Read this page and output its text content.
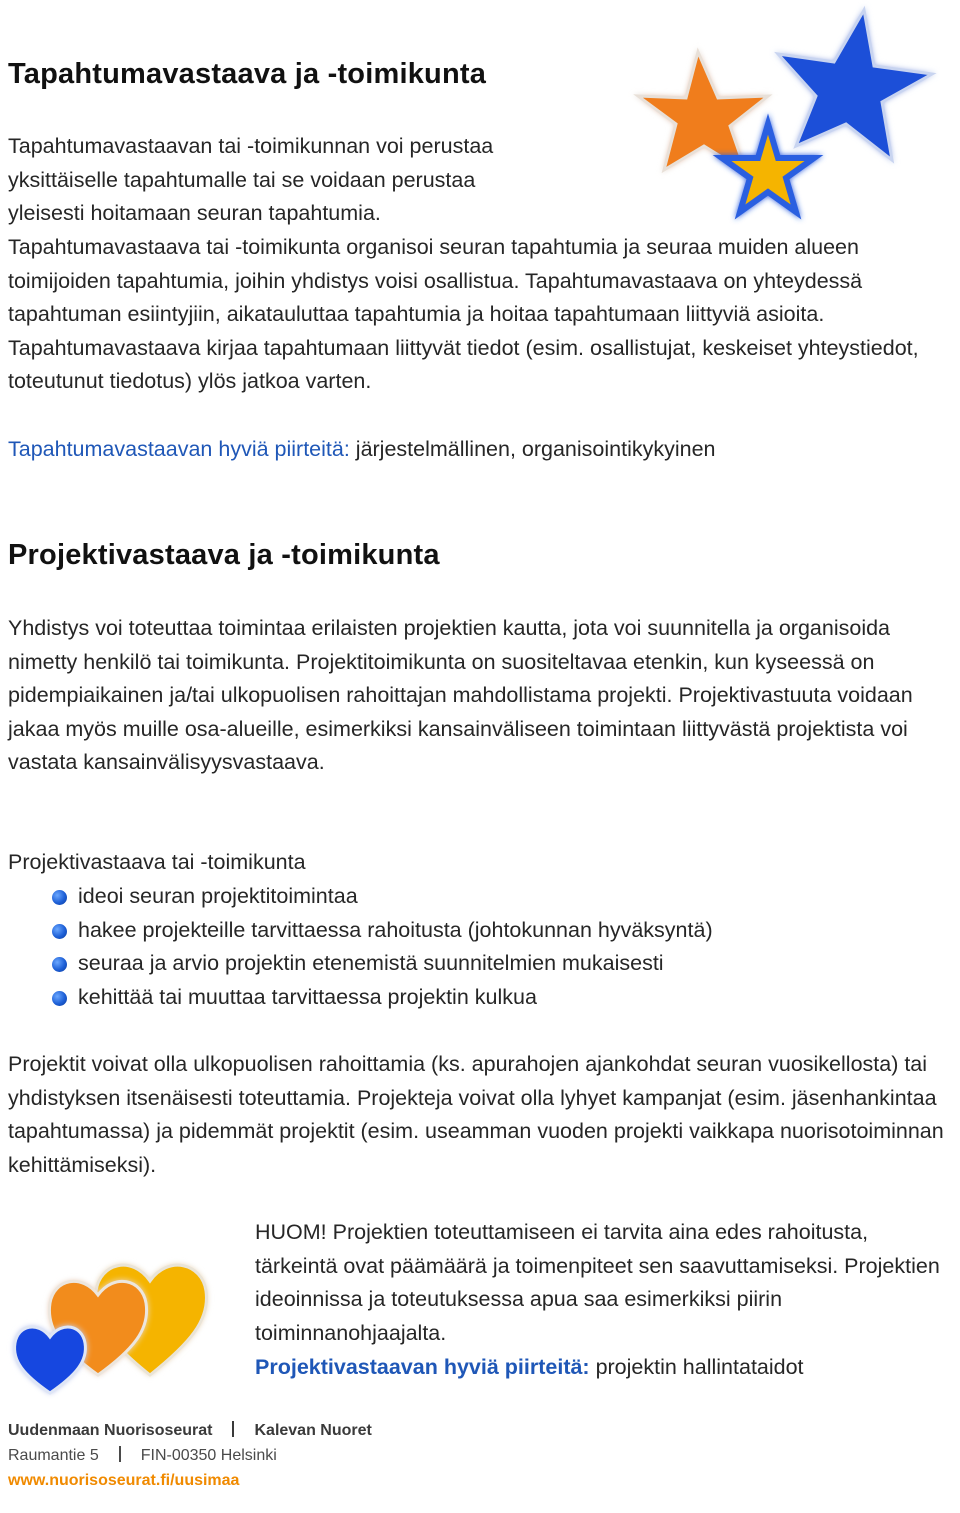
Tapahtumavastaava ja -toimikunta

Tapahtumavastaavan tai -toimikunnan voi perustaa

yksittäiselle tapahtumalle tai se voidaan perustaa

yleisesti hoitamaan seuran tapahtumia.

Tapahtumavastaava tai -toimikunta organisoi seuran tapahtumia ja seuraa muiden alueen toimijoiden tapahtumia, joihin yhdistys voisi osallistua. Tapahtumavastaava on yhteydessä tapahtuman esiintyjiin, aikatauluttaa tapahtumia ja hoitaa tapahtumaan liittyviä asioita. Tapahtumavastaava kirjaa tapahtumaan liittyvät tiedot (esim. osallistujat, keskeiset yhteystiedot, toteutunut tiedotus) ylös jatkoa varten.

Tapahtumavastaavan hyviä piirteitä: järjestelmällinen, organisointikykyinen

Projektivastaava ja -toimikunta

Yhdistys voi toteuttaa toimintaa erilaisten projektien kautta, jota voi suunnitella ja organisoida nimetty henkilö tai toimikunta. Projektitoimikunta on suositeltavaa etenkin, kun kyseessä on pidempiaikainen ja/tai ulkopuolisen rahoittajan mahdollistama projekti. Projektivastuuta voidaan jakaa myös muille osa-alueille, esimerkiksi kansainväliseen toimintaan liittyvästä projektista voi vastata kansainvälisyysvastaava.

Projektivastaava tai -toimikunta

ideoi seuran projektitoimintaa
hakee projekteille tarvittaessa rahoitusta (johtokunnan hyväksyntä)
seuraa ja arvio projektin etenemistä suunnitelmien mukaisesti
kehittää tai muuttaa tarvittaessa projektin kulkua

Projektit voivat olla ulkopuolisen rahoittamia (ks. apurahojen ajankohdat seuran vuosikellosta) tai yhdistyksen itsenäisesti toteuttamia. Projekteja voivat olla lyhyet kampanjat (esim. jäsenhankintaa tapahtumassa) ja pidemmät projektit (esim. useamman vuoden projekti vaikkapa nuorisotoiminnan kehittämiseksi).

HUOM! Projektien toteuttamiseen ei tarvita aina edes rahoitusta, tärkeintä ovat päämäärä ja toimenpiteet sen saavuttamiseksi. Projektien ideoinnissa ja toteutuksessa apua saa esimerkiksi piirin toiminnanohjaajalta.

Projektivastaavan hyviä piirteitä: projektin hallintataidot

Uudenmaan Nuorisoseurat	Kalevan Nuoret
Raumantie 5	FIN-00350 Helsinki
www.nuorisoseurat.fi/uusimaa
